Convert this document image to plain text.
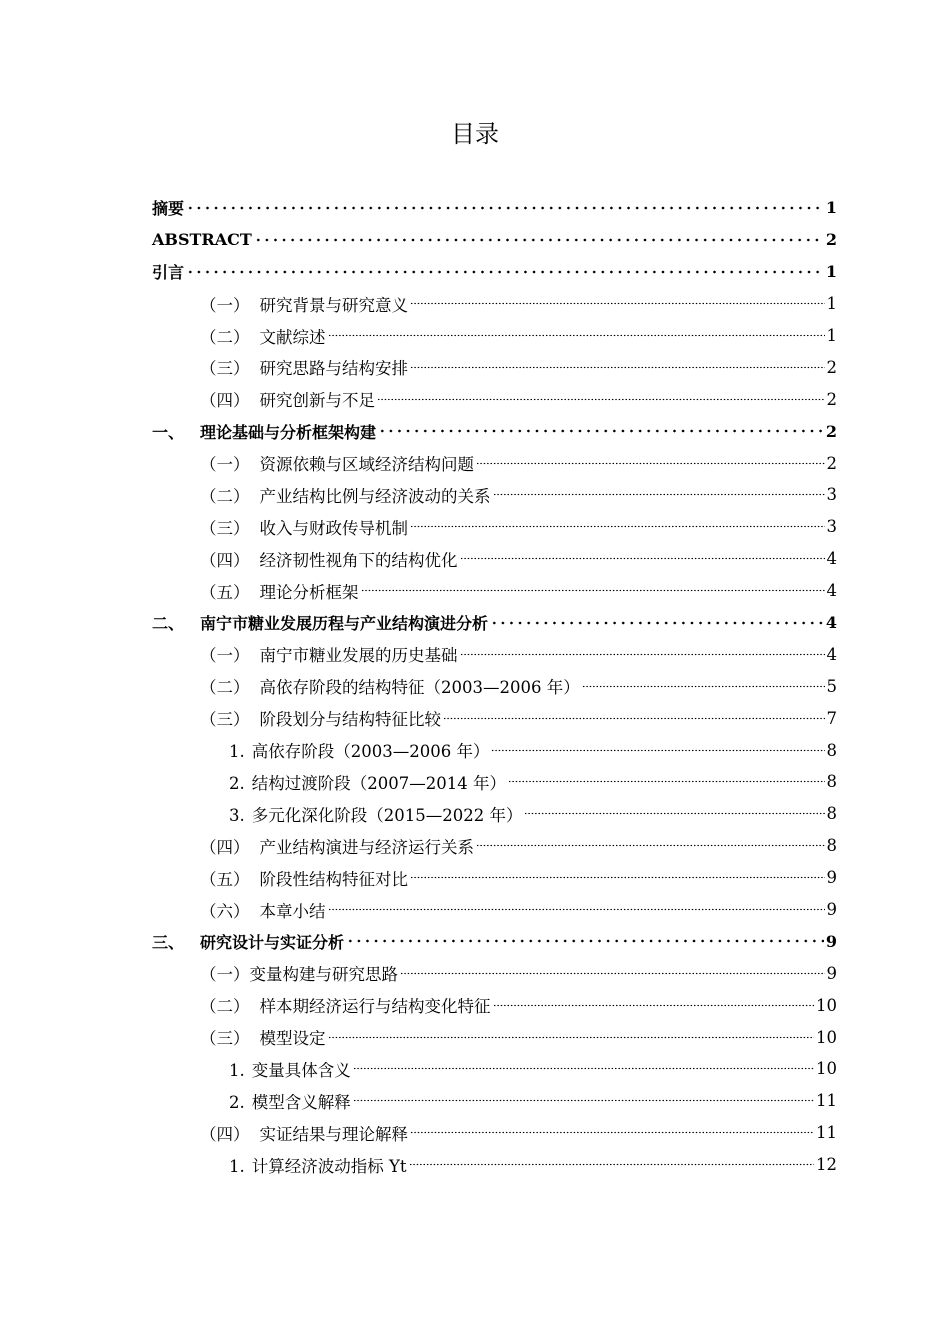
目录
摘要	1
ABSTRACT	2
引言	1
（一） 研究背景与研究意义	1
（二） 文献综述	1
（三） 研究思路与结构安排	2
（四） 研究创新与不足	2
一、 理论基础与分析框架构建	2
（一） 资源依赖与区域经济结构问题	2
（二） 产业结构比例与经济波动的关系	3
（三） 收入与财政传导机制	3
（四） 经济韧性视角下的结构优化	4
（五） 理论分析框架	4
二、 南宁市糖业发展历程与产业结构演进分析	4
（一） 南宁市糖业发展的历史基础	4
（二） 高依存阶段的结构特征（2003—2006 年）	5
（三） 阶段划分与结构特征比较	7
1. 高依存阶段（2003—2006 年）	8
2. 结构过渡阶段（2007—2014 年）	8
3. 多元化深化阶段（2015—2022 年）	8
（四） 产业结构演进与经济运行关系	8
（五） 阶段性结构特征对比	9
（六） 本章小结	9
三、 研究设计与实证分析	9
（一）变量构建与研究思路	9
（二） 样本期经济运行与结构变化特征	10
（三） 模型设定	10
1. 变量具体含义	10
2. 模型含义解释	11
（四） 实证结果与理论解释	11
1. 计算经济波动指标 Yt	12
